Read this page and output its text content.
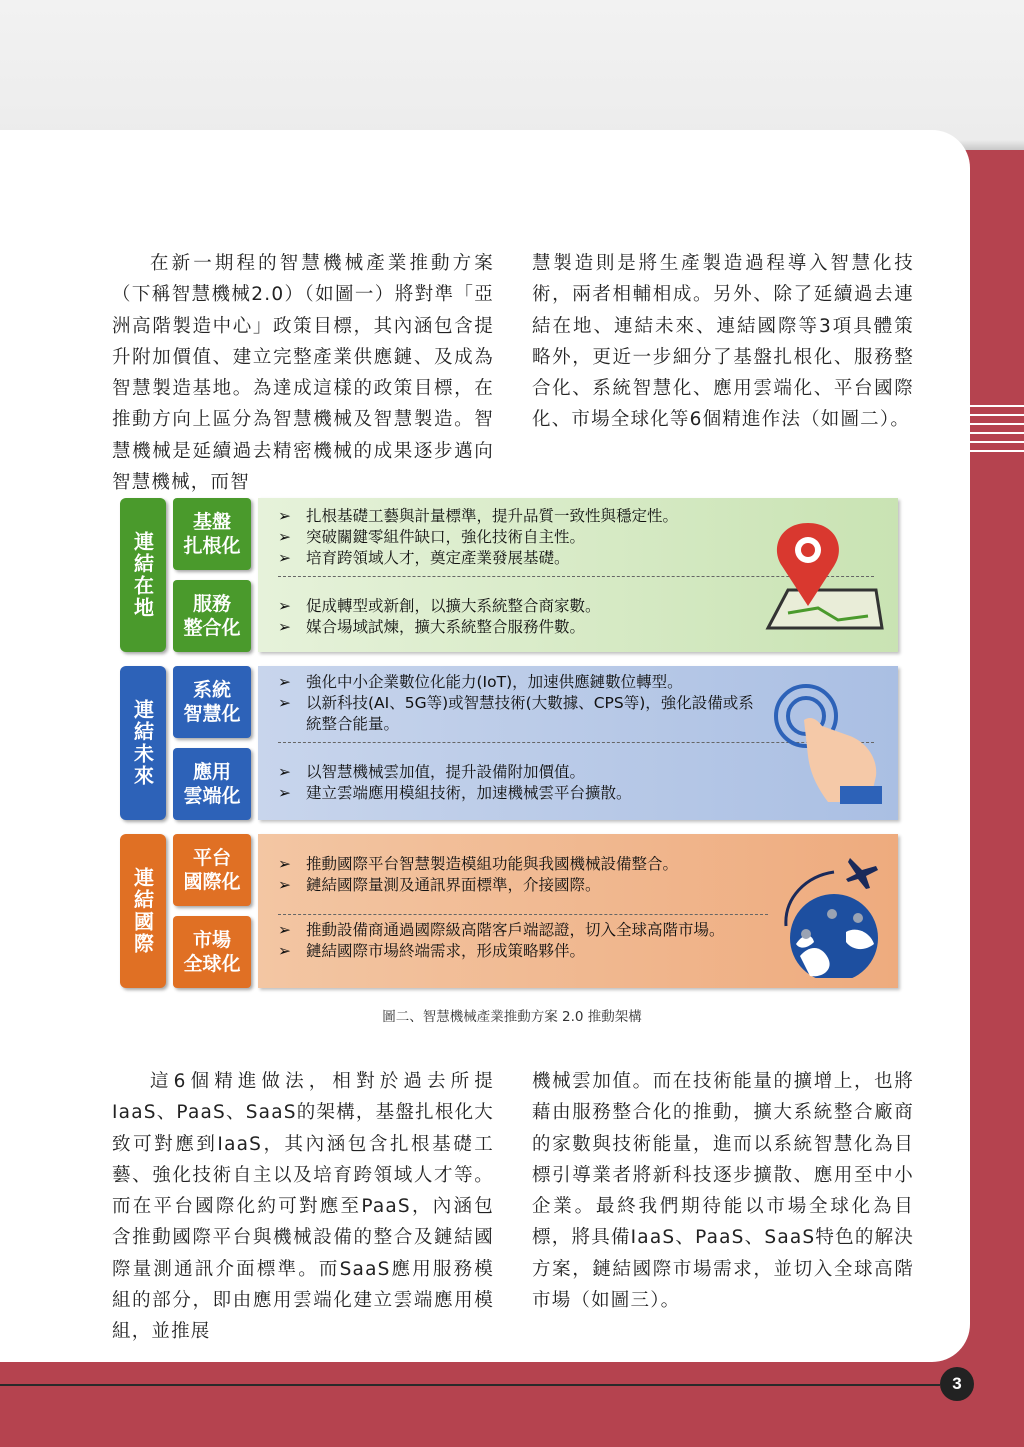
在新一期程的智慧機械產業推動方案（下稱智慧機械2.0）（如圖一）將對準「亞洲高階製造中心」政策目標，其內涵包含提升附加價值、建立完整產業供應鏈、及成為智慧製造基地。為達成這樣的政策目標，在推動方向上區分為智慧機械及智慧製造。智慧機械是延續過去精密機械的成果逐步邁向智慧機械，而智

慧製造則是將生產製造過程導入智慧化技術，兩者相輔相成。另外、除了延續過去連結在地、連結未來、連結國際等3項具體策略外，更近一步細分了基盤扎根化、服務整合化、系統智慧化、應用雲端化、平台國際化、市場全球化等6個精進作法（如圖二）。

連結在地
基盤
扎根化
服務
整合化
➢ 扎根基礎工藝與計量標準，提升品質一致性與穩定性。
➢ 突破關鍵零組件缺口，強化技術自主性。
➢ 培育跨領域人才，奠定產業發展基礎。
➢ 促成轉型或新創，以擴大系統整合商家數。
➢ 媒合場域試煉，擴大系統整合服務件數。
連結未來
系統
智慧化
應用
雲端化
➢ 強化中小企業數位化能力(IoT)，加速供應鏈數位轉型。
➢ 以新科技(AI、5G等)或智慧技術(大數據、CPS等)，強化設備或系統整合能量。
➢ 以智慧機械雲加值，提升設備附加價值。
➢ 建立雲端應用模組技術，加速機械雲平台擴散。
連結國際
平台
國際化
市場
全球化
➢ 推動國際平台智慧製造模組功能與我國機械設備整合。
➢ 鏈結國際量測及通訊界面標準，介接國際。
➢ 推動設備商通過國際級高階客戶端認證，切入全球高階市場。
➢ 鏈結國際市場終端需求，形成策略夥伴。
圖二、智慧機械產業推動方案 2.0 推動架構

這6個精進做法，相對於過去所提IaaS、PaaS、SaaS的架構，基盤扎根化大致可對應到IaaS，其內涵包含扎根基礎工藝、強化技術自主以及培育跨領域人才等。而在平台國際化約可對應至PaaS，內涵包含推動國際平台與機械設備的整合及鏈結國際量測通訊介面標準。而SaaS應用服務模組的部分，即由應用雲端化建立雲端應用模組，並推展

機械雲加值。而在技術能量的擴增上，也將藉由服務整合化的推動，擴大系統整合廠商的家數與技術能量，進而以系統智慧化為目標引導業者將新科技逐步擴散、應用至中小企業。最終我們期待能以市場全球化為目標，將具備IaaS、PaaS、SaaS特色的解決方案，鏈結國際市場需求，並切入全球高階市場（如圖三）。

3
